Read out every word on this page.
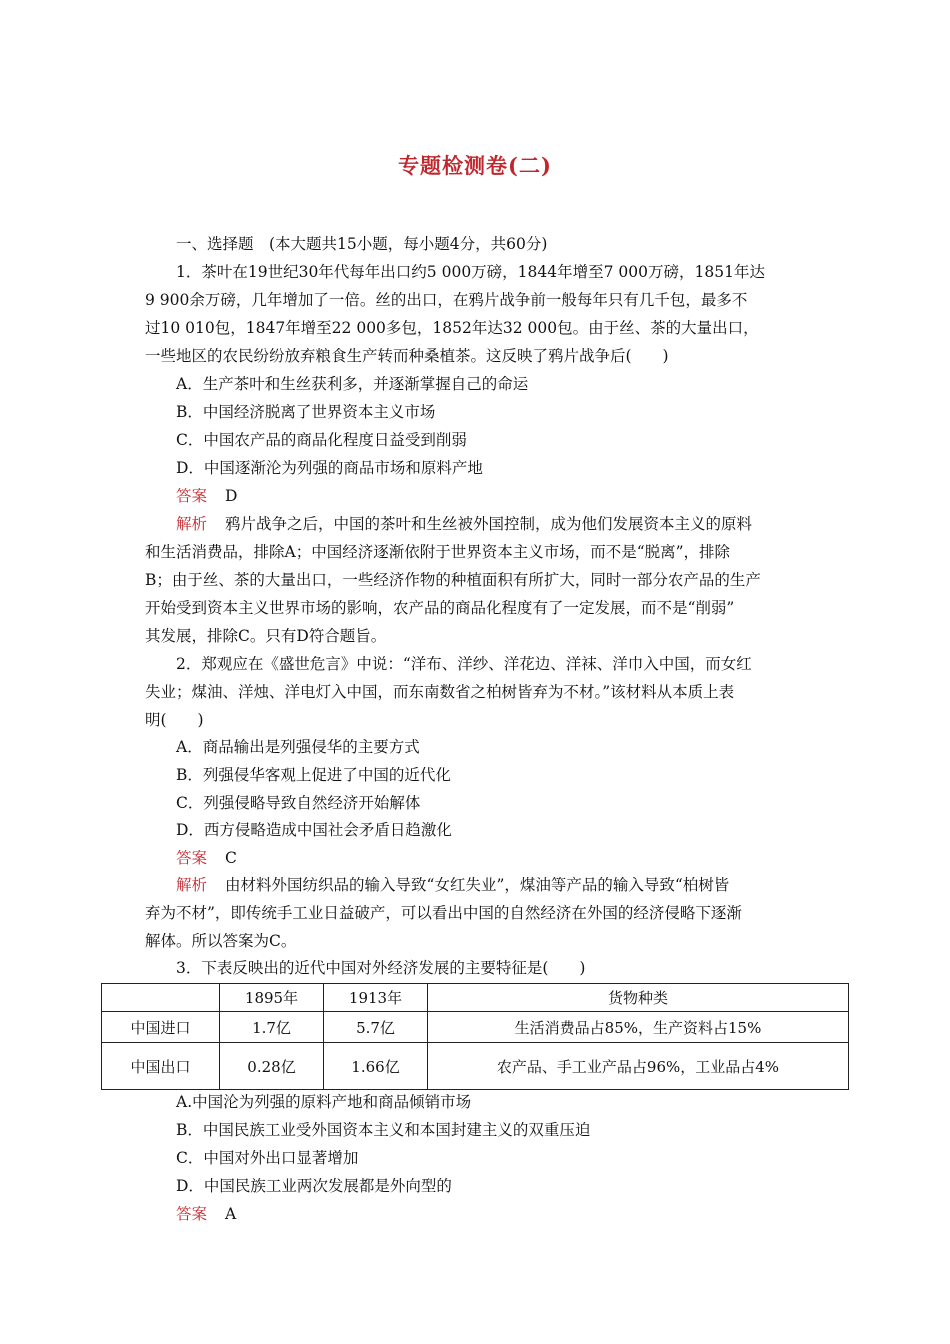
专题检测卷(二)
一、选择题　(本大题共15小题，每小题4分，共60分)
1．茶叶在19世纪30年代每年出口约5 000万磅，1844年增至7 000万磅，1851年达
9 900余万磅，几年增加了一倍。丝的出口，在鸦片战争前一般每年只有几千包，最多不
过10 010包，1847年增至22 000多包，1852年达32 000包。由于丝、茶的大量出口，
一些地区的农民纷纷放弃粮食生产转而种桑植茶。这反映了鸦片战争后(　　)
A．生产茶叶和生丝获利多，并逐渐掌握自己的命运
B．中国经济脱离了世界资本主义市场
C．中国农产品的商品化程度日益受到削弱
D．中国逐渐沦为列强的商品市场和原料产地
答案 D
解析 鸦片战争之后，中国的茶叶和生丝被外国控制，成为他们发展资本主义的原料
和生活消费品，排除A；中国经济逐渐依附于世界资本主义市场，而不是“脱离”，排除
B；由于丝、茶的大量出口，一些经济作物的种植面积有所扩大，同时一部分农产品的生产
开始受到资本主义世界市场的影响，农产品的商品化程度有了一定发展，而不是“削弱”
其发展，排除C。只有D符合题旨。
2．郑观应在《盛世危言》中说：“洋布、洋纱、洋花边、洋袜、洋巾入中国，而女红
失业；煤油、洋烛、洋电灯入中国，而东南数省之柏树皆弃为不材。”该材料从本质上表
明(　　)
A．商品输出是列强侵华的主要方式
B．列强侵华客观上促进了中国的近代化
C．列强侵略导致自然经济开始解体
D．西方侵略造成中国社会矛盾日趋激化
答案 C
解析 由材料外国纺织品的输入导致“女红失业”，煤油等产品的输入导致“柏树皆
弃为不材”，即传统手工业日益破产，可以看出中国的自然经济在外国的经济侵略下逐渐
解体。所以答案为C。
3．下表反映出的近代中国对外经济发展的主要特征是(　　)
	1895年	1913年	货物种类
中国进口	1.7亿	5.7亿	生活消费品占85%，生产资料占15%
中国出口	0.28亿	1.66亿	农产品、手工业产品占96%，工业品占4%
A.中国沦为列强的原料产地和商品倾销市场
B．中国民族工业受外国资本主义和本国封建主义的双重压迫
C．中国对外出口显著增加
D．中国民族工业两次发展都是外向型的
答案 A
